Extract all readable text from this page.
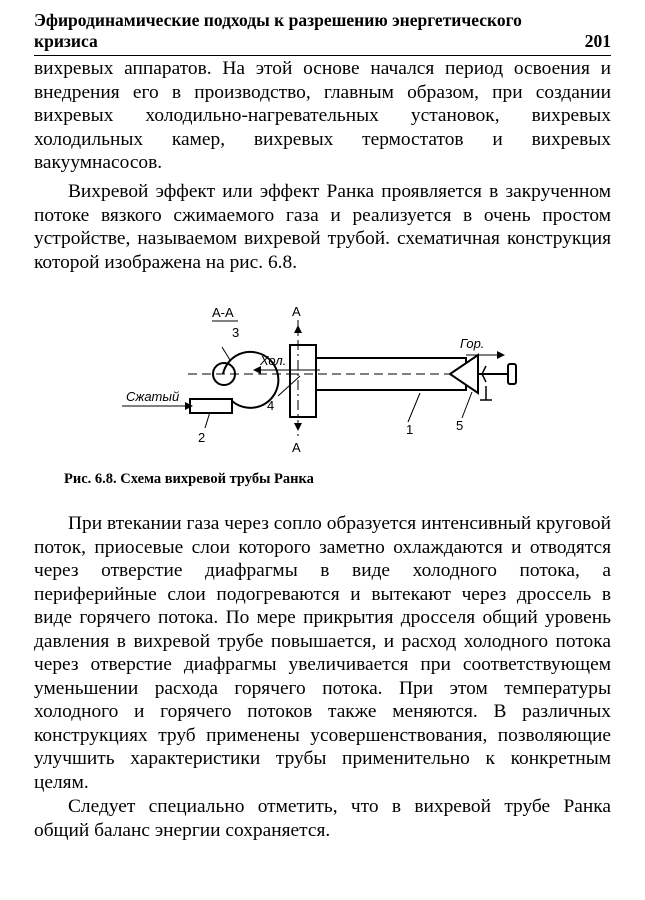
Эфиродинамические подходы к разрешению энергетического кризиса	201

вихревых аппаратов. На этой основе начался период освоения и внедрения его в производство, главным образом, при создании вихревых холодильно-нагревательных установок, вихревых холодильных камер, вихревых термостатов и вихревых вакуумнасосов.

Вихревой эффект или эффект Ранка проявляется в закрученном потоке вязкого сжимаемого газа и реализуется в очень простом устройстве, называемом вихревой трубой. схематичная конструкция которой изображена на рис. 6.8.

А-А
Сжатый
2
3
А
А
Хол.
4
1
Гор.
5
Рис. 6.8. Схема вихревой трубы Ранка

При втекании газа через сопло образуется интенсивный круговой поток, приосевые слои которого заметно охлаждаются и отводятся через отверстие диафрагмы в виде холодного потока, а периферийные слои подогреваются и вытекают через дроссель в виде горячего потока. По мере прикрытия дросселя общий уровень давления в вихревой трубе повышается, и расход холодного потока через отверстие диафрагмы увеличивается при соответствующем уменьшении расхода горячего потока. При этом температуры холодного и горячего потоков также меняются. В различных конструкциях труб применены усовершенствования, позволяющие улучшить характеристики трубы применительно к конкретным целям.

Следует специально отметить, что в вихревой трубе Ранка общий баланс энергии сохраняется.
